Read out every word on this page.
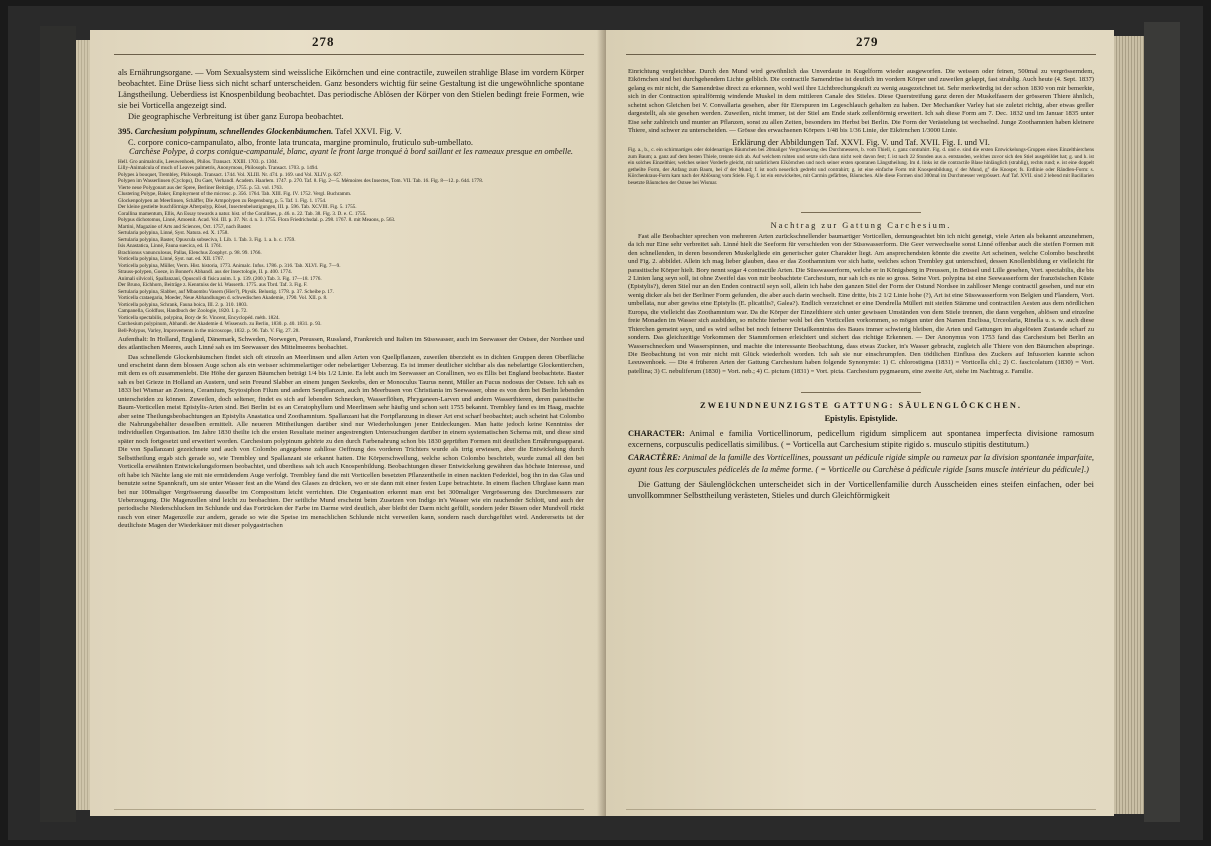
278
als Ernährungsorgane. — Vom Sexualsystem sind weissliche Eikörnchen und eine contractile, zuweilen strahlige Blase im vordern Körper beobachtet. Eine Drüse liess sich nicht scharf unterscheiden. Ganz besonders wichtig für seine Gestaltung ist die ungewöhnliche spontane Längstheilung. Ueberdiess ist Knospenbildung beobachtet. Das periodische Ablösen der Körper von den Stielen bedingt freie Formen, wie sie bei Vorticella angezeigt sind.
Die geographische Verbreitung ist über ganz Europa beobachtet.
395. Carchesium polypinum, schnellendes Glockenbäumchen. Tafel XXVI. Fig. V.
C. corpore conico-campanulato, albo, fronte lata truncata, margine prominulo, fruticulo sub-umbellato.
Carchèse Polype, à corps conique-campanulé, blanc, ayant le front large tronqué à bord saillant et les rameaux presque en ombelle.
Hell. Gro animalculis, Leeuwenhoek, Philos. Transact. XXIII. 1703. p. 1304.
Lilly-Animalcula of much of Leaves palmetris, Anonymous, Philosoph. Transact. 1703. p. 1494.
Polypes à bouquet, Trembley, Philosoph. Transact. 1744. Vol. XLIII. Nr. 474. p. 169. und Vol. XLIV. p. 627.
Polypen im Wasserlinsen (Cyclops), Du Gaet, Verhandl. Academ. Haarlem. 1747. p. 270. Taf. 8. Fig. 2—5. Mémoires des Insectes, Tom. VII. Tab. 16. Fig. 8—12. p. 644. 1778.
Vierte neue Polygonart aus der Spree, Berliner Beiträge, 1755. p. 53. vol. 1763.
Clustering Polype, Baker, Employment of the microsc. p. 356. 1764. Tab. XIII. Fig. IV. 1752. Vergl. Buchramm.
Glockenpolypen an Meerlinsen, Schäffer, Die Armpolypen zu Regensburg, p. 5. Taf. 1. Fig. 1. 1754.
Der kleine gestielte buschförmige Afterpolyp, Rösel, Insectenbelustigungen, III. p. 596. Tab. XCVIII. Fig. 5. 1755.
Corallina mamentum, Ellis, An Essay towards a natur. hist. of the Corallines, p. 46. n. 22. Tab. 38. Fig. 3. D. e. C. 1755.
Polypus dichotomus, Linné, Amoenit. Acad. Vol. III. p. 37. Nr. 4. n. 3. 1755. Flora Friedrichsdal. p. 298. 1767. 8. mit Meaons, p. 563.
Martini, Magazine of Arts and Sciences, Oct. 1757, nach Baster.
Sertularia polypina, Linné, Syst. Natura. ed. X. 1758.
Sertularia polypina, Baster, Opuscula subseciva, I. Lib. 1. Tab. 3. Fig. 1. a. b. c. 1759.
Isis Anastatica, Linné, Fauna suecica, ed. II. 1761.
Brachionus vanunculosus, Pallas, Elenchus Zoophyt. p. 98. 99. 1766.
Vorticella polypina, Linné, Syst. nat. ed. XII. 1767.
Vorticella polypina, Müller, Verm. Hist. historia, 1773. Animalc. Infus. 1786. p. 316. Tab. XLVI. Fig. 7—9.
Strauss-polypen, Goeze, in Bonnet's Abhandl. aus der Insectologie, II. p. 400. 1774.
Animali silvicoli, Spallanzani, Opuscoli di fisica anim. I. p. 139. (200.) Tab. 3. Fig. 17—18. 1776.
Der Bruno, Eichhorn, Beiträge z. Kenntniss der kl. Wasserth. 1775. aus Tbrd. Taf. 3. Fig. F.
Sertularia polypina, Slabber, auf Mbaombu Vasern (Hier?), Physik. Belustig. 1778. p. 37. Scheibe p. 17.
Vorticella crataegaria, Moeder, Neue Abhandlungen d. schwedischen Akademie, 1790. Vol. XII. p. 8.
Vorticella polypina, Schrank, Fauna boica, III. 2. p. 310. 1803.
Campanella, Goldfuss, Handbuch der Zoologie, 1820. I. p. 72.
Vorticella spectabilis, polypina, Bory de St. Vincent, Encyclopéd. méth. 1824.
Carchesium polypinum, Abhandl. der Akademie d. Wissensch. zu Berlin, 1830. p. 40. 1831. p. 93.
Bell-Polypus, Varley, Improvements in the microscope, 1832. p. 96. Tab. V. Fig. 27. 28.
Aufenthalt: In Holland, England, Dänemark, Schweden, Norwegen, Preussen, Russland, Frankreich und Italien im Süsswasser, auch im Seewasser der Ostsee, der Nordsee und des atlantischen Meeres, auch Linné sah es im Seewasser des Mittelmeeres beobachtet.
Das schnellende Glockenbäumchen findet sich oft einzeln an Meerlinsen und allen Arten von Quellpflanzen, zuweilen überzieht es in dichten Gruppen deren Oberfläche und erscheint dann dem blossen Auge schon als ein weisser schimmelartiger oder nebelartiger Ueberzug. Es ist immer deutlicher sichtbar als das nebelartige Glockentierchen, mit dem es oft zusammenlebt. Die Höhe der ganzen Bäumchen beträgt 1/4 bis 1/2 Linie. Es lebt auch im Seewasser an Corallinen, wo es Ellis bei England beobachtete. Baster sah es bei Grieze in Holland an Austern, und sein Freund Slabber an einem jungen Seekrebs, den er Monoculus Taurus nennt, Müller an Fucus nodosus der Ostsee. Ich sah es 1833 bei Wismar an Zostera, Ceramium, Scytosiphon Filum und andern Seepflanzen, auch im Meerbusen von Christiania im Seewasser, ohne es von dem bei Berlin lebenden unterscheiden zu können. Zuweilen, doch seltener, findet es sich auf lebenden Schnecken, Wasserflöhen, Phryganeen-Larven und andern Wasserthieren, deren parasitische Baum-Vorticellen meist Epistylis-Arten sind. Bei Berlin ist es an Ceratophyllum und Meerlinsen sehr häufig und schon seit 1755 bekannt. Trembley fand es im Haag, machte aber seine Theilungsbeobachtungen an Epistylis Anastatica und Zoothamnium. Spallanzani hat die Fortpflanzung in dieser Art erst scharf beobachtet; auch scheint hat Colombo die Nahrungsbehälter desselben ermittelt. Alle neueren Mittheilungen darüber sind nur Wiederholungen jener Entdeckungen. Man hatte jedoch keine Kenntniss der individuellen Organisation. Im Jahre 1830 theilte ich die ersten Resultate meiner angestrengten Untersuchungen darüber in einem systematischen Schema mit, und diese sind später noch fortgesetzt und erweitert worden. Carchesium polypinum gehörte zu den durch Farbenahrung schon bis 1830 geprüften Formen mit deutlichen Ernährungsapparat. Die von Spallanzani gezeichnete und auch von Colombo angegebene zahllose Oeffnung des vorderen Trichters wurde als irrig erwiesen, aber die Entwickelung durch Selbsttheilung ergab sich gerade so, wie Trembley und Spallanzani sie erkannt hatten. Die Körperschwellung, welche schon Colombo beschrieb, wurde zumal all den bei Vorticella erwähnten Entwickelungsformen beobachtet, und überdiess sah ich auch Knospenbildung. Beobachtungen dieser Entwickelung gewähren das höchste Interesse, und oft habe ich Nächte lang sie mit nie ermüdendem Auge verfolgt. Trembley fand die mit Vorticellen besetzten Pflanzentheile in einen nackten Federkiel, bog ihn in das Glas und benutzte seine Spannkraft, um sie unter Wasser fest an die Wand des Glases zu drücken, wo er sie dann mit einer festen Lupe betrachtete. In einem flachen Uhrglase kann man bei nur 100maliger Vergrösserung dasselbe im Compositum leicht verrichten. Die Organisation erkennt man erst bei 300maliger Vergrösserung des Durchmessers zur Ueberzeugung. Die Magenzellen sind leicht zu beobachten. Der seitliche Mund erscheint beim Zusetzen von Indigo in's Wasser wie ein rauchender Schlott, und auch der periodische Niederschlucken im Schlunde und das Fortrücken der Farbe im Darme wird deutlich, aber bleibt der Darm nicht gefüllt, sondern jeder Bissen oder Mundvoll rückt rasch von einer Magenzelle zur andern, gerade so wie die Speise im menschlichen Schlunde nicht verweilen kann, sondern rasch durchgeführt wird. Andererseits ist der deutlichste Magen der Wiederkäuer mit dieser polygastrischen
279
Einrichtung vergleichbar. Durch den Mund wird gewöhnlich das Unverdaute in Kugelform wieder ausgeworfen. Die weissen oder feinen, 500mal zu vergrösserndem, Eikörnchen sind bei durchgehendem Lichte gelblich. Die contractile Samendrüse ist deutlich im vordern Körper und zuweilen gelappt, fast strahlig. Auch heute (4. Sept. 1837) gelang es mir nicht, die Samendrüse direct zu erkennen, wohl weil ihre Lichtbrechungskraft zu wenig ausgezeichnet ist. Sehr merkwürdig ist der schon 1830 von mir bemerkte, sich in der Contraction spiralförmig windende Muskel in dem mittleren Canale des Stieles. Diese Querstreifung ganz deren der Muskelfasern der grösseren Thiere ähnlich, scheint schon Gleichen bei V. Convallaria gesehen, aber für Eierspuren im Legeschlauch gehalten zu haben. Der Mechaniker Varley hat sie zuletzt richtig, aber etwas greller dargestellt, als sie gesehen werden. Zuweilen, nicht immer, ist der Stiel am Ende stark zellenförmig erweitert. Ich sah diese Form am 7. Dec. 1832 und im Januar 1835 unter Eise sehr zahlreich und munter an Pflanzen, sonst zu allen Zeiten, besonders im Herbst bei Berlin. Die Form der Verästelung ist wechselnd. Junge Zoothamnien haben kleinere Thiere, sind schwer zu unterscheiden. — Grösse des erwachsenen Körpers 1/48 bis 1/36 Linie, der Eikörnchen 1/3000 Linie.
Erklärung der Abbildungen Taf. XXVI. Fig. V. und Taf. XVII. Fig. I. und VI.
Fig. a., b., c. ein schirmartiges oder doldenartiges Bäumchen bei 20maliger Vergrösserung des Durchmessers, b. vom Thiell, c. ganz contrahirt. Fig. d. und e. sind die ersten Entwickelungs-Gruppen eines Einzelthierchens zum Baum; a. ganz auf dem besten Thiele, trennte sich ab. Auf welchem ruhten und setzte sich dann nicht weit davon fest; f. ist nach 22 Stunden aus a. entstanden, welches zuvor sich den Stiel ausgebildet hat; g. und h. ist ein solches Einzelthier, welches seiner Vorderfe gleicht, mit natürlichem Eikörnchen und noch seiner ersten spontanen Längstheilung. Im d. links ist die contractile Blase hinlänglich (strahlig), rechts rund; e. ist eine doppelt getheilte Form, der Anfang zum Baum, bei d' der Mund; f. ist noch neuerlich gedreht und contrahirt; g. ist eine einfache Form mit Knospenbildung, s' der Mund, g'' die Knospe; fs. Erdlinie oder Rändlen-Form: s. Körchenkraus-Form kam nach der Ablösung vom Stiele. Fig. f. ist ein entwickeltes, mit Carmin gefärbtes, Bäumchen. Alle diese Formen sind 300mal im Durchmesser vergrössert. Auf Taf. XVII. sind 2 lebend mit Bacillarien besetzte Bäumchen der Ostsee bei Wismar.
Nachtrag zur Gattung Carchesium.
Fast alle Beobachter sprechen von mehreren Arten zurückschnellender baumartiger Vorticellen, demungeachtet bin ich nicht geneigt, viele Arten als bekannt anzunehmen, da ich nur Eine sehr verbreitet sah. Linné hielt die Seeform für verschieden von der Süsswasserform. Die Geer verwechselte sonst Linné offenbar auch die steifen Formen mit den schnellenden, in deren besonderen Muskelgliede ein generischer guter Charakter liegt. Am ansprechendsten könnte die zweite Art scheinen, welche Colombo beschreibt und Fig. 2. abbildet. Allein ich mag lieber glauben, dass er das Zoothamnium vor sich hatte, welches schon Trembley gut unterschied, dessen Knollenbildung er vielleicht für parasitische Körper hielt. Bory nennt sogar 4 contractile Arten. Die Süsswasserform, welche er in Königsberg in Preussen, in Brüssel und Lille gesehen, Vort. spectabilis, die bis 2 Linien lang seyn soll, ist ohne Zweifel das von mir beobachtete Carchesium, nur sah ich es nie so gross. Seine Vort. polypina ist eine Seewasserform der französischen Küste (Epistylis?), deren Stiel nur an den Enden contractil seyn soll, allein ich habe den ganzen Stiel der Form der Ostund Nordsee in zahlloser Menge contractil gesehen, und nur ein wenig dicker als bei der Berliner Form gefunden, die aber auch darin wechselt. Eine dritte, bis 2 1/2 Linie hohe (?), Art ist eine Süsswasserform von Belgien und Flandern, Vort. umbellata, nur aber gewiss eine Epistylis (E. plicatilis?, Galea?). Endlich verzeichnet er eine Dendrella Mülleri mit steifen Stämme und contractilen Aesten aus dem nördlichen Europa, die vielleicht das Zoothamnium war. Da die Körper der Einzelthiere sich unter gewissen Umständen von dem Stiele trennen, die dann vergehen, ablösen und einzelne freie Monaden im Wasser sich ausbilden, so möchte hierher wohl bei den Vorticellen vorkommen, so mögen unter den Namen Enclissa, Urceolaria, Rinella u. s. w. auch diese Thierchen gemeint seyn, und es wird selbst bei noch feinerer Detailkenntniss des Baues immer schwierig bleiben, die Arten und Gattungen im abgelösten Zustande scharf zu sondern. Das gleichzeitige Vorkommen der Stammformen erleichtert und sichert das richtige Erkennen. — Der Anonymus von 1753 fand das Carchesium bei Berlin an Wasserschnecken und Wasserspinnen, und machte die interessante Beobachtung, dass etwas Zucker, in's Wasser gebracht, zugleich alle Thiere von den Bäumchen abspringe. Die Beobachtung ist von mir nicht mit Glück wiederholt worden. Ich sah sie nur einschrumpfen. Den tödtlichen Einfluss des Zuckers auf Infusorien kannte schon Leeuwenhoek. — Die 4 früheren Arten der Gattung Carchesium haben folgende Synonymie: 1) C. chlorostigma (1831) = Vorticella chl.; 2) C. fascicolatum (1830) = Vort. patellina; 3) C. nebuliferum (1830) = Vort. neb.; 4) C. pictum (1831) = Vort. picta. Carchesium pygmaeum, eine zweite Art, siehe im Nachtrag z. Familie.
ZWEIUNDNEUNZIGSTE GATTUNG: SÄULENGLÖCKCHEN.
Epistylis. Epistylide.
CHARACTER: Animal e familia Vorticellinorum, pedicellum rigidum simplicem aut spontanea imperfecta divisione ramosum excernens, corpusculis pedicellatis similibus. ( = Vorticella aut Carchesium stipite rigido s. musculo stipitis destitutum.)
CARACTÈRE: Animal de la famille des Vorticellines, poussant un pédicule rigide simple ou rameux par la division spontanée imparfaite, ayant tous les corpuscules pédicelés de la même forme. ( = Vorticelle ou Carchèse à pédicule rigide [sans muscle intérieur du pédicule].)
Die Gattung der Säulenglöckchen unterscheidet sich in der Vorticellenfamilie durch Ausscheiden eines steifen einfachen, oder bei unvollkommner Selbsttheilung verästeten, Stieles und durch Gleichförmigkeit
